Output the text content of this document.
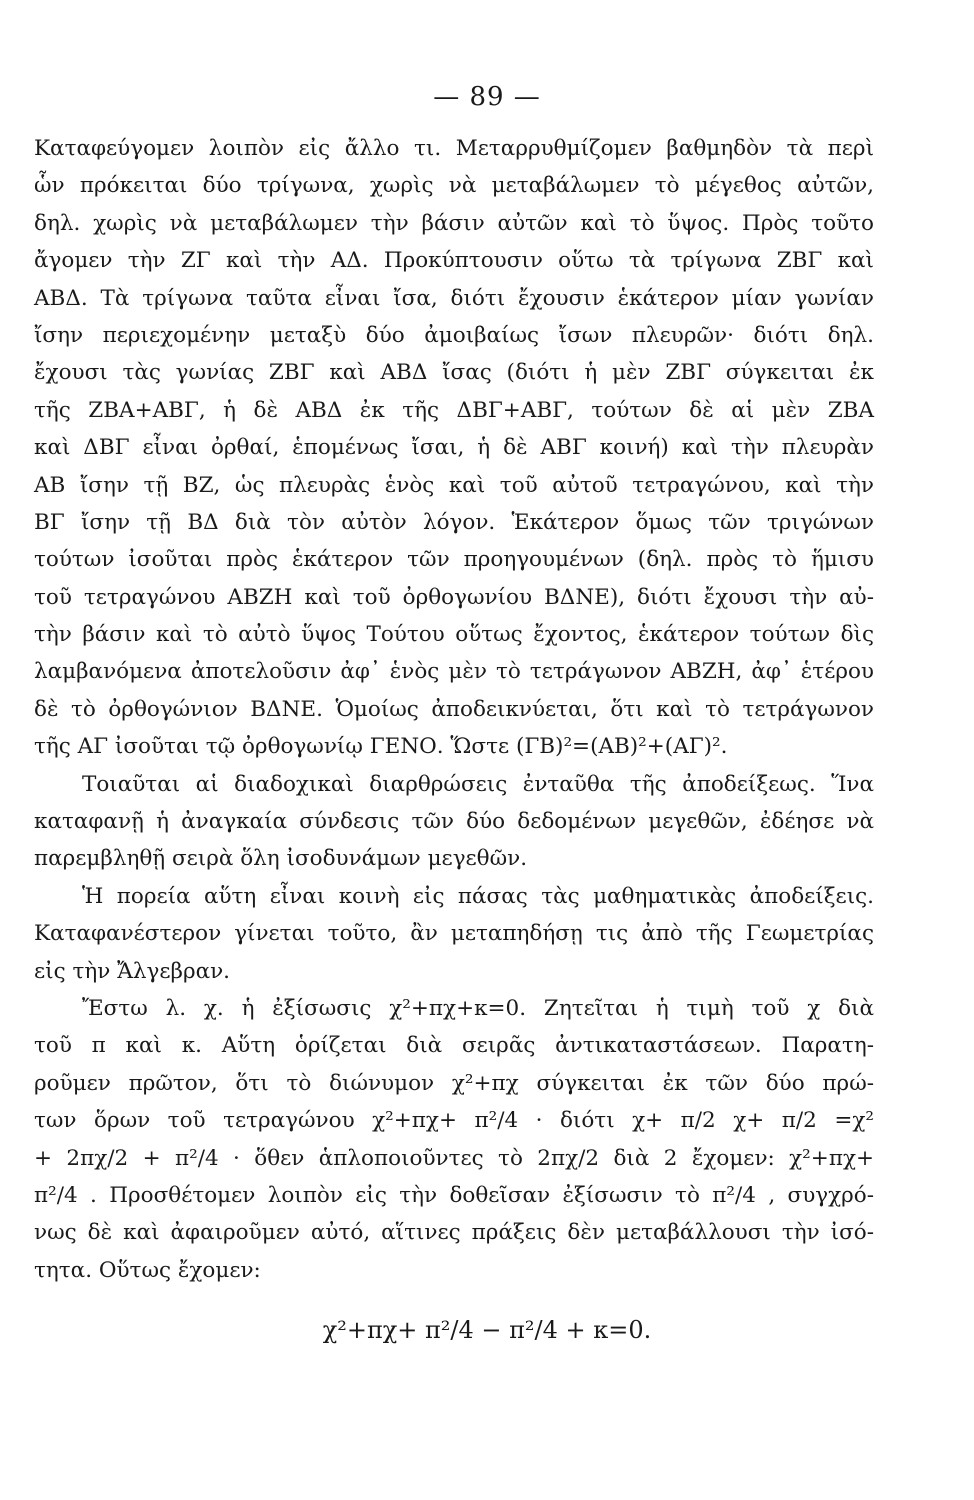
— 89 —
Καταφεύγομεν λοιπὸν εἰς ἄλλο τι. Μεταρρυθμίζομεν βαθμηδὸν τὰ περὶ
ὧν πρόκειται δύο τρίγωνα, χωρὶς νὰ μεταβάλωμεν τὸ μέγεθος αὐτῶν,
δηλ. χωρὶς νὰ μεταβάλωμεν τὴν βάσιν αὐτῶν καὶ τὸ ὕψος. Πρὸς τοῦτο
ἄγομεν τὴν ΖΓ καὶ τὴν ΑΔ. Προκύπτουσιν οὕτω τὰ τρίγωνα ΖΒΓ καὶ
ΑΒΔ. Τὰ τρίγωνα ταῦτα εἶναι ἴσα, διότι ἔχουσιν ἑκάτερον μίαν γωνίαν
ἴσην περιεχομένην μεταξὺ δύο ἀμοιβαίως ἴσων πλευρῶν· διότι δηλ.
ἔχουσι τὰς γωνίας ΖΒΓ καὶ ΑΒΔ ἴσας (διότι ἡ μὲν ΖΒΓ σύγκειται ἐκ
τῆς ΖΒΑ+ΑΒΓ, ἡ δὲ ΑΒΔ ἐκ τῆς ΔΒΓ+ΑΒΓ, τούτων δὲ αἱ μὲν ΖΒΑ
καὶ ΔΒΓ εἶναι ὀρθαί, ἑπομένως ἴσαι, ἡ δὲ ΑΒΓ κοινή) καὶ τὴν πλευρὰν
ΑΒ ἴσην τῇ ΒΖ, ὡς πλευρὰς ἑνὸς καὶ τοῦ αὐτοῦ τετραγώνου, καὶ τὴν
ΒΓ ἴσην τῇ ΒΔ διὰ τὸν αὐτὸν λόγον. Ἑκάτερον ὅμως τῶν τριγώνων
τούτων ἰσοῦται πρὸς ἑκάτερον τῶν προηγουμένων (δηλ. πρὸς τὸ ἥμισυ
τοῦ τετραγώνου ΑΒΖΗ καὶ τοῦ ὀρθογωνίου ΒΔΝΕ), διότι ἔχουσι τὴν αὐ-
τὴν βάσιν καὶ τὸ αὐτὸ ὕψος Τούτου οὕτως ἔχοντος, ἑκάτερον τούτων δὶς
λαμβανόμενα ἀποτελοῦσιν ἀφ᾽ ἑνὸς μὲν τὸ τετράγωνον ΑΒΖΗ, ἀφ᾽ ἑτέρου
δὲ τὸ ὀρθογώνιον ΒΔΝΕ. Ὁμοίως ἀποδεικνύεται, ὅτι καὶ τὸ τετράγωνον
τῆς ΑΓ ἰσοῦται τῷ ὀρθογωνίῳ ΓΕΝΟ. Ὥστε (ΓΒ)²=(ΑΒ)²+(ΑΓ)².
Τοιαῦται αἱ διαδοχικαὶ διαρθρώσεις ἐνταῦθα τῆς ἀποδείξεως. Ἵνα
καταφανῇ ἡ ἀναγκαία σύνδεσις τῶν δύο δεδομένων μεγεθῶν, ἐδέησε νὰ
παρεμβληθῇ σειρὰ ὅλη ἰσοδυνάμων μεγεθῶν.
Ἡ πορεία αὕτη εἶναι κοινὴ εἰς πάσας τὰς μαθηματικὰς ἀποδείξεις.
Καταφανέστερον γίνεται τοῦτο, ἂν μεταπηδήσῃ τις ἀπὸ τῆς Γεωμετρίας
εἰς τὴν Ἄλγεβραν.
Ἔστω λ. χ. ἡ ἐξίσωσις χ²+πχ+κ=0. Ζητεῖται ἡ τιμὴ τοῦ χ διὰ
τοῦ π καὶ κ. Αὕτη ὁρίζεται διὰ σειρᾶς ἀντικαταστάσεων. Παρατη-
ροῦμεν πρῶτον, ὅτι τὸ διώνυμον χ²+πχ σύγκειται ἐκ τῶν δύο πρώ-
των ὅρων τοῦ τετραγώνου χ²+πχ+ π²/4 · διότι χ+ π/2 χ+ π/2 =χ²
+ 2πχ/2 + π²/4 · ὅθεν ἁπλοποιοῦντες τὸ 2πχ/2 διὰ 2 ἔχομεν: χ²+πχ+
π²/4 . Προσθέτομεν λοιπὸν εἰς τὴν δοθεῖσαν ἐξίσωσιν τὸ π²/4 , συγχρό-
νως δὲ καὶ ἀφαιροῦμεν αὐτό, αἵτινες πράξεις δὲν μεταβάλλουσι τὴν ἰσό-
τητα. Οὕτως ἔχομεν:
χ²+πχ+ π²/4 − π²/4 + κ=0.
